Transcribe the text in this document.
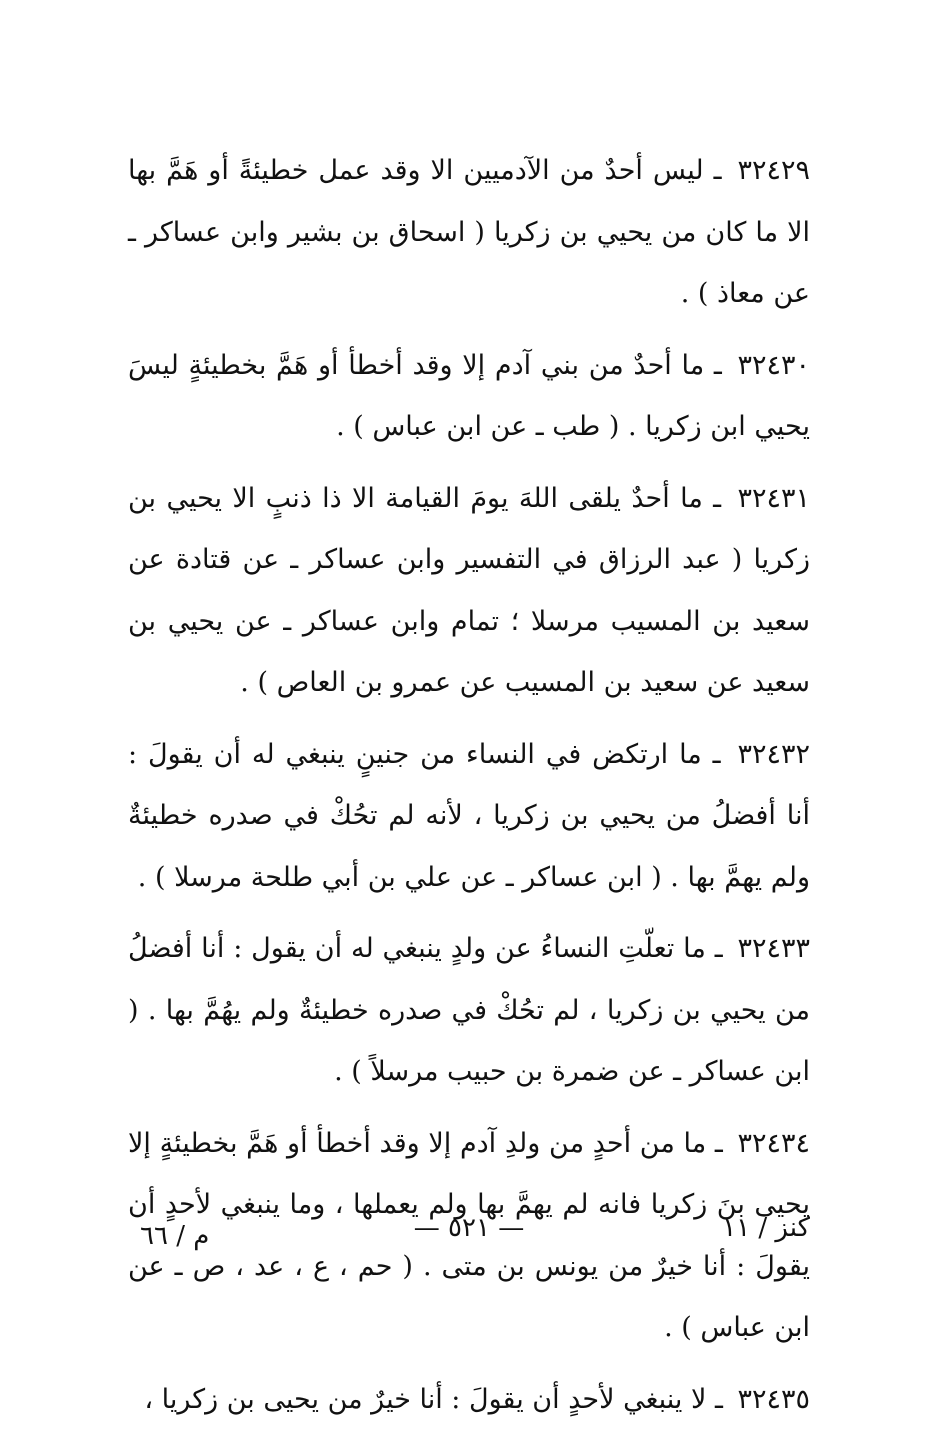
٣٢٤٢٩ ـ ليس أحدٌ من الآدميين الا وقد عمل خطيئةً أو هَمَّ بها الا ما كان من يحيي بن زكريا ( اسحاق بن بشير وابن عساكر ـ عن معاذ ) .

٣٢٤٣٠ ـ ما أحدٌ من بني آدم إلا وقد أخطأ أو هَمَّ بخطيئةٍ ليسَ يحيي ابن زكريا . ( طب ـ عن ابن عباس ) .

٣٢٤٣١ ـ ما أحدٌ يلقى اللهَ يومَ القيامة الا ذا ذنبٍ الا يحيي بن زكريا ( عبد الرزاق في التفسير وابن عساكر ـ عن قتادة عن سعيد بن المسيب مرسلا ؛ تمام وابن عساكر ـ عن يحيي بن سعيد عن سعيد بن المسيب عن عمرو بن العاص ) .

٣٢٤٣٢ ـ ما ارتكض في النساء من جنينٍ ينبغي له أن يقولَ : أنا أفضلُ من يحيي بن زكريا ، لأنه لم تحُكْ في صدره خطيئةٌ ولم يهمَّ بها . ( ابن عساكر ـ عن علي بن أبي طلحة مرسلا ) .

٣٢٤٣٣ ـ ما تعلّتِ النساءُ عن ولدٍ ينبغي له أن يقول : أنا أفضلُ من يحيي بن زكريا ، لم تحُكْ في صدره خطيئةٌ ولم يهُمَّ بها . ( ابن عساكر ـ عن ضمرة بن حبيب مرسلاً ) .

٣٢٤٣٤ ـ ما من أحدٍ من ولدِ آدم إلا وقد أخطأ أو هَمَّ بخطيئةٍ إلا يحيى بنَ زكريا فانه لم يهمَّ بها ولم يعملها ، وما ينبغي لأحدٍ أن يقولَ : أنا خيرٌ من يونس بن متى . ( حم ، ع ، عد ، ص ـ عن ابن عباس ) .

٣٢٤٣٥ ـ لا ينبغي لأحدٍ أن يقولَ : أنا خيرٌ من يحيى بن زكريا ،

كنز / ١١
— ٥٢١ —
م / ٦٦
